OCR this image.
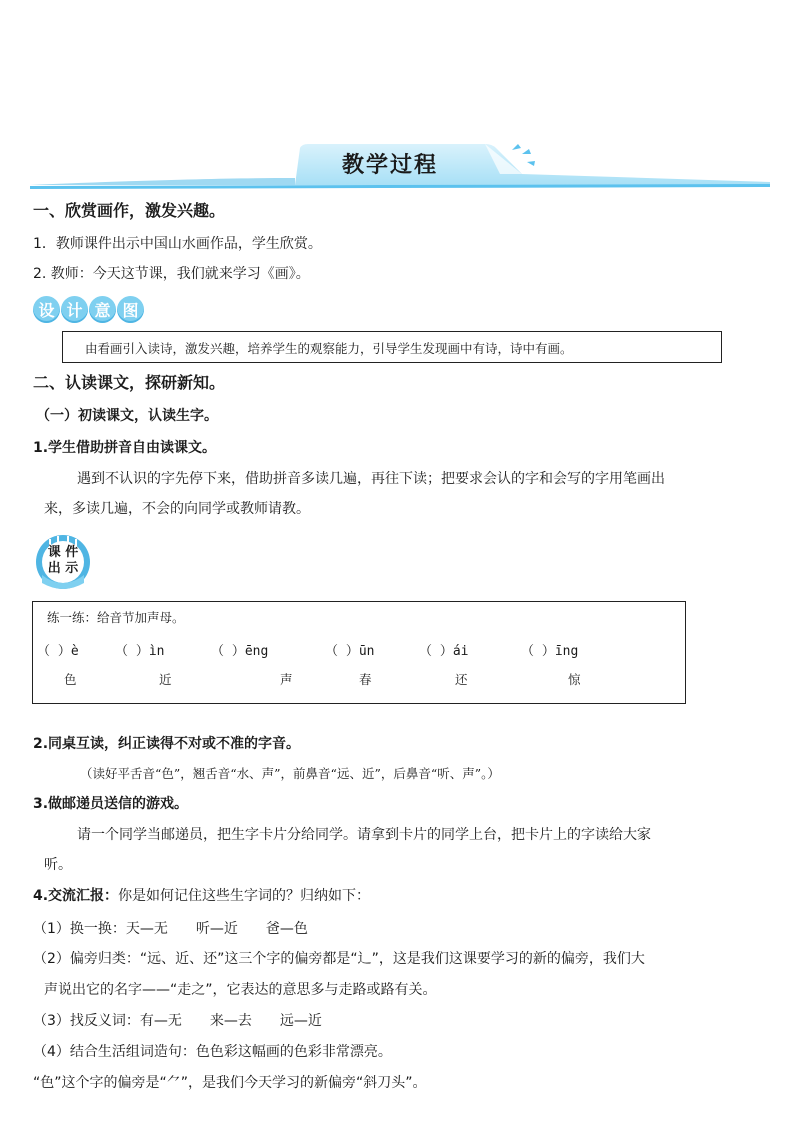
教学过程
一、欣赏画作，激发兴趣。
1．教师课件出示中国山水画作品，学生欣赏。
2. 教师：今天这节课，我们就来学习《画》。
设 计 意 图
由看画引入读诗，激发兴趣，培养学生的观察能力，引导学生发现画中有诗，诗中有画。
二、认读课文，探研新知。
（一）初读课文，认读生字。
1.学生借助拼音自由读课文。
遇到不认识的字先停下来，借助拼音多读几遍，再往下读；把要求会认的字和会写的字用笔画出
来，多读几遍，不会的向同学或教师请教。
课 件
出 示
练一练：给音节加声母。
（ ）è	（ ）ìn	（ ）ēng	（ ）ūn	（ ）ái	（ ）īng
色	近	声	春	还	惊
2.同桌互读，纠正读得不对或不准的字音。
（读好平舌音“色”，翘舌音“水、声”，前鼻音“远、近”，后鼻音“听、声”。）
3.做邮递员送信的游戏。
请一个同学当邮递员，把生字卡片分给同学。请拿到卡片的同学上台，把卡片上的字读给大家
听。
4.交流汇报：你是如何记住这些生字词的？归纳如下：
（1）换一换：天—无　　听—近　　爸—色
（2）偏旁归类：“远、近、还”这三个字的偏旁都是“辶”，这是我们这课要学习的新的偏旁，我们大
声说出它的名字——“走之”，它表达的意思多与走路或路有关。
（3）找反义词：有—无　　来—去　　远—近
（4）结合生活组词造句：色色彩这幅画的色彩非常漂亮。
“色”这个字的偏旁是“⺈”，是我们今天学习的新偏旁“斜刀头”。
